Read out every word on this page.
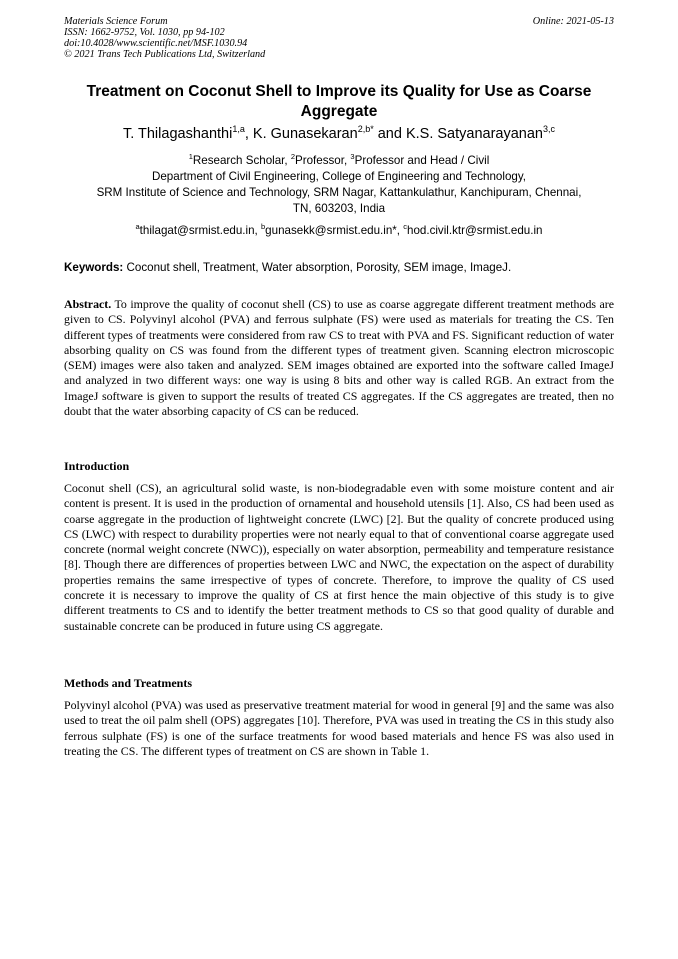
Materials Science Forum
ISSN: 1662-9752, Vol. 1030, pp 94-102
doi:10.4028/www.scientific.net/MSF.1030.94
© 2021 Trans Tech Publications Ltd, Switzerland
Online: 2021-05-13
Treatment on Coconut Shell to Improve its Quality for Use as Coarse
Aggregate
T. Thilagashanthi$^{1,a}$, K. Gunasekaran$^{2,b*}$ and K.S. Satyanarayanan$^{3,c}$
$^1$Research Scholar, $^2$Professor, $^3$Professor and Head / Civil
Department of Civil Engineering, College of Engineering and Technology,
SRM Institute of Science and Technology, SRM Nagar, Kattankulathur, Kanchipuram, Chennai,
TN, 603203, India
$^a$thilagat@srmist.edu.in, $^b$gunasekk@srmist.edu.in*, $^c$hod.civil.ktr@srmist.edu.in
Keywords: Coconut shell, Treatment, Water absorption, Porosity, SEM image, ImageJ.
Abstract. To improve the quality of coconut shell (CS) to use as coarse aggregate different treatment methods are given to CS. Polyvinyl alcohol (PVA) and ferrous sulphate (FS) were used as materials for treating the CS. Ten different types of treatments were considered from raw CS to treat with PVA and FS. Significant reduction of water absorbing quality on CS was found from the different types of treatment given. Scanning electron microscopic (SEM) images were also taken and analyzed. SEM images obtained are exported into the software called ImageJ and analyzed in two different ways: one way is using 8 bits and other way is called RGB. An extract from the ImageJ software is given to support the results of treated CS aggregates. If the CS aggregates are treated, then no doubt that the water absorbing capacity of CS can be reduced.
Introduction
Coconut shell (CS), an agricultural solid waste, is non-biodegradable even with some moisture content and air content is present. It is used in the production of ornamental and household utensils [1]. Also, CS had been used as coarse aggregate in the production of lightweight concrete (LWC) [2]. But the quality of concrete produced using CS (LWC) with respect to durability properties were not nearly equal to that of conventional coarse aggregate used concrete (normal weight concrete (NWC)), especially on water absorption, permeability and temperature resistance [8]. Though there are differences of properties between LWC and NWC, the expectation on the aspect of durability properties remains the same irrespective of types of concrete. Therefore, to improve the quality of CS used concrete it is necessary to improve the quality of CS at first hence the main objective of this study is to give different treatments to CS and to identify the better treatment methods to CS so that good quality of durable and sustainable concrete can be produced in future using CS aggregate.
Methods and Treatments
Polyvinyl alcohol (PVA) was used as preservative treatment material for wood in general [9] and the same was also used to treat the oil palm shell (OPS) aggregates [10]. Therefore, PVA was used in treating the CS in this study also ferrous sulphate (FS) is one of the surface treatments for wood based materials and hence FS was also used in treating the CS. The different types of treatment on CS are shown in Table 1.
